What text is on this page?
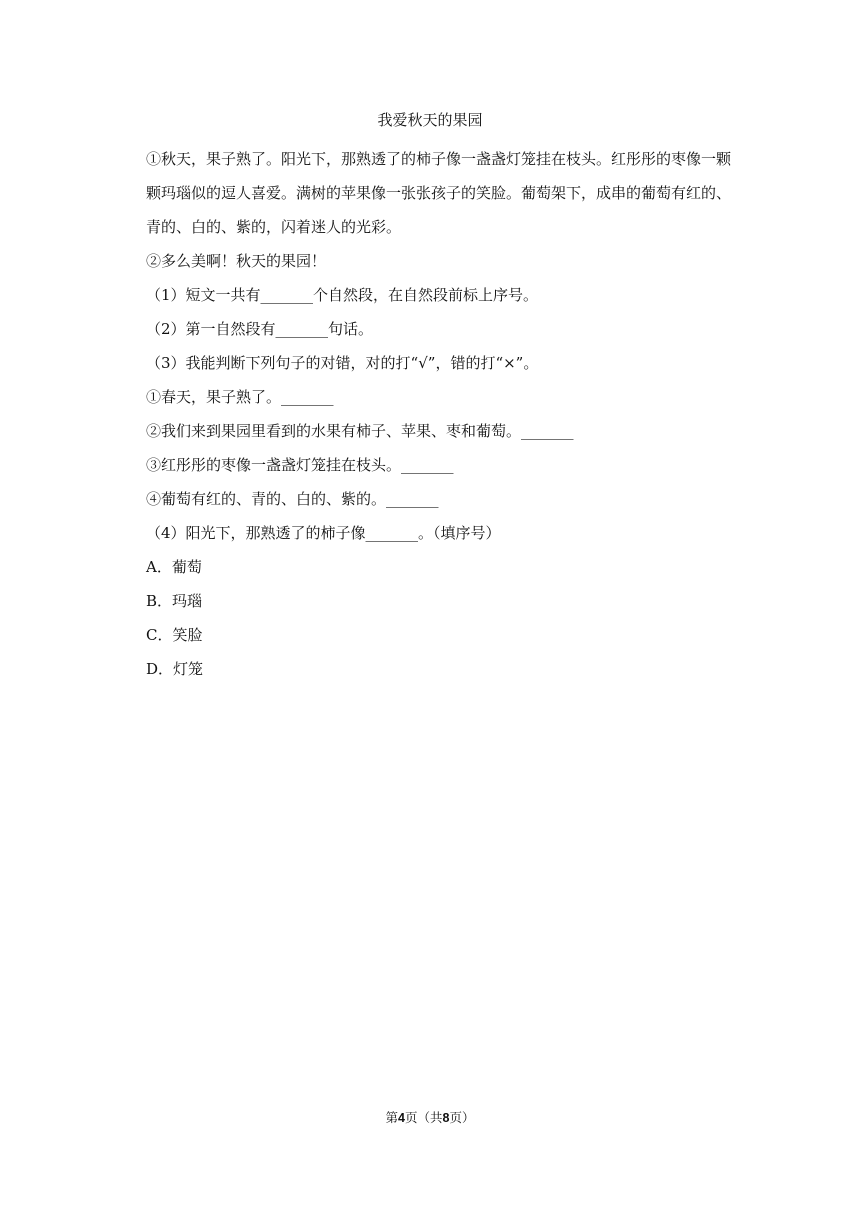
我爱秋天的果园

①秋天，果子熟了。阳光下，那熟透了的柿子像一盏盏灯笼挂在枝头。红彤彤的枣像一颗颗玛瑙似的逗人喜爱。满树的苹果像一张张孩子的笑脸。葡萄架下，成串的葡萄有红的、青的、白的、紫的，闪着迷人的光彩。

②多么美啊！秋天的果园！

（1）短文一共有_______个自然段，在自然段前标上序号。

（2）第一自然段有_______句话。

（3）我能判断下列句子的对错，对的打“√”，错的打“×”。

①春天，果子熟了。_______

②我们来到果园里看到的水果有柿子、苹果、枣和葡萄。_______

③红彤彤的枣像一盏盏灯笼挂在枝头。_______

④葡萄有红的、青的、白的、紫的。_______

（4）阳光下，那熟透了的柿子像_______。（填序号）

A．葡萄

B．玛瑙

C．笑脸

D．灯笼

第4页（共8页）
